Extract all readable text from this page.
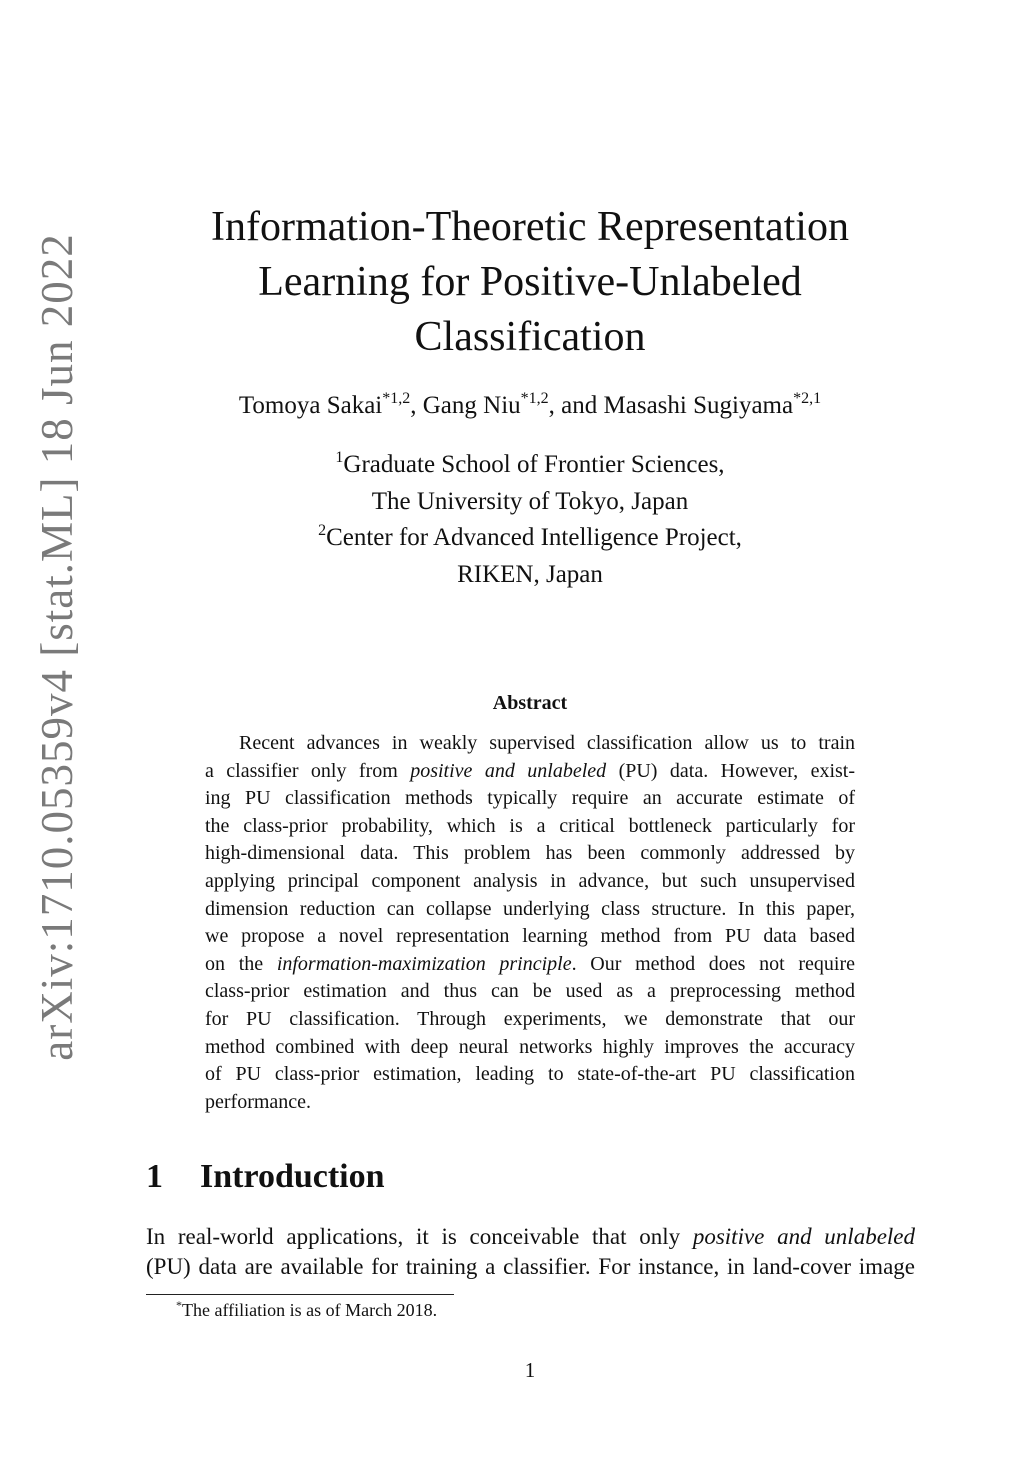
arXiv:1710.05359v4 [stat.ML] 18 Jun 2022
Information-Theoretic Representation
Learning for Positive-Unlabeled
Classification
Tomoya Sakai$^{*1,2}$, Gang Niu$^{*1,2}$, and Masashi Sugiyama$^{*2,1}$
$^1$Graduate School of Frontier Sciences,
The University of Tokyo, Japan
$^2$Center for Advanced Intelligence Project,
RIKEN, Japan
Abstract
Recent advances in weakly supervised classification allow us to train
a classifier only from positive and unlabeled (PU) data. However, exist-
ing PU classification methods typically require an accurate estimate of
the class-prior probability, which is a critical bottleneck particularly for
high-dimensional data. This problem has been commonly addressed by
applying principal component analysis in advance, but such unsupervised
dimension reduction can collapse underlying class structure. In this paper,
we propose a novel representation learning method from PU data based
on the information-maximization principle. Our method does not require
class-prior estimation and thus can be used as a preprocessing method
for PU classification. Through experiments, we demonstrate that our
method combined with deep neural networks highly improves the accuracy
of PU class-prior estimation, leading to state-of-the-art PU classification
performance.
1 Introduction
In real-world applications, it is conceivable that only positive and unlabeled
(PU) data are available for training a classifier. For instance, in land-cover image
*The affiliation is as of March 2018.
1
